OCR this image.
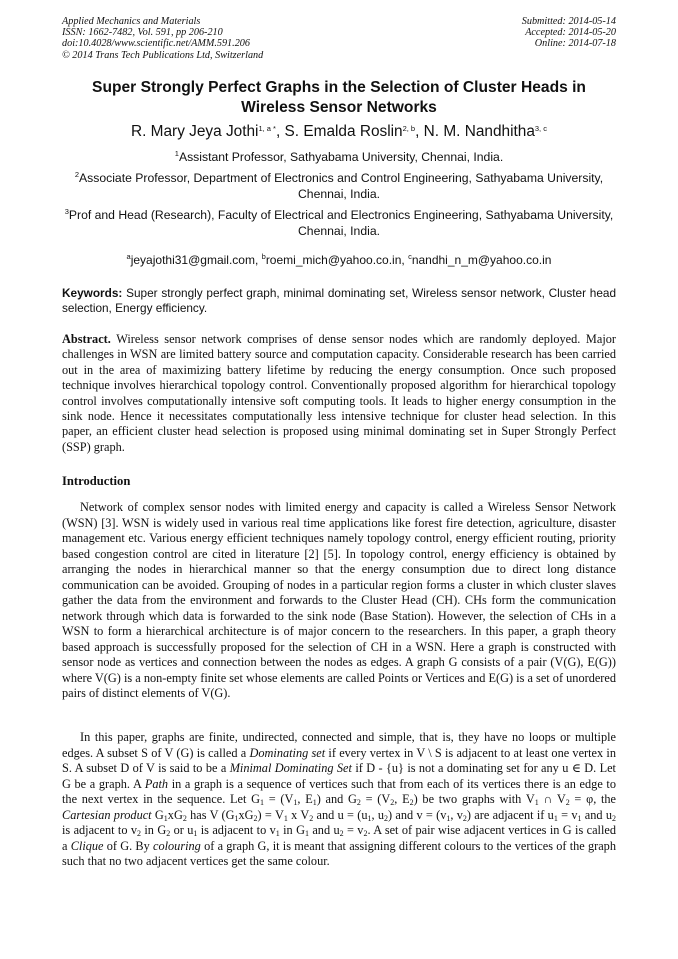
Applied Mechanics and Materials
ISSN: 1662-7482, Vol. 591, pp 206-210
doi:10.4028/www.scientific.net/AMM.591.206
© 2014 Trans Tech Publications Ltd, Switzerland
Submitted: 2014-05-14
Accepted: 2014-05-20
Online: 2014-07-18
Super Strongly Perfect Graphs in the Selection of Cluster Heads in Wireless Sensor Networks
R. Mary Jeya Jothi$^{1, a *}$, S. Emalda Roslin$^{2, b}$, N. M. Nandhitha$^{3, c}$
$^1$Assistant Professor, Sathyabama University, Chennai, India.
$^2$Associate Professor, Department of Electronics and Control Engineering, Sathyabama University, Chennai, India.
$^3$Prof and Head (Research), Faculty of Electrical and Electronics Engineering, Sathyabama University, Chennai, India.
$^a$jeyajothi31@gmail.com, $^b$roemi_mich@yahoo.co.in, $^c$nandhi_n_m@yahoo.co.in
Keywords: Super strongly perfect graph, minimal dominating set, Wireless sensor network, Cluster head selection, Energy efficiency.
Abstract. Wireless sensor network comprises of dense sensor nodes which are randomly deployed. Major challenges in WSN are limited battery source and computation capacity. Considerable research has been carried out in the area of maximizing battery lifetime by reducing the energy consumption. Once such proposed technique involves hierarchical topology control. Conventionally proposed algorithm for hierarchical topology control involves computationally intensive soft computing tools. It leads to higher energy consumption in the sink node. Hence it necessitates computationally less intensive technique for cluster head selection. In this paper, an efficient cluster head selection is proposed using minimal dominating set in Super Strongly Perfect (SSP) graph.
Introduction
Network of complex sensor nodes with limited energy and capacity is called a Wireless Sensor Network (WSN) [3]. WSN is widely used in various real time applications like forest fire detection, agriculture, disaster management etc. Various energy efficient techniques namely topology control, energy efficient routing, priority based congestion control are cited in literature [2] [5]. In topology control, energy efficiency is obtained by arranging the nodes in hierarchical manner so that the energy consumption due to direct long distance communication can be avoided. Grouping of nodes in a particular region forms a cluster in which cluster slaves gather the data from the environment and forwards to the Cluster Head (CH). CHs form the communication network through which data is forwarded to the sink node (Base Station). However, the selection of CHs in a WSN to form a hierarchical architecture is of major concern to the researchers. In this paper, a graph theory based approach is successfully proposed for the selection of CH in a WSN. Here a graph is constructed with sensor node as vertices and connection between the nodes as edges. A graph G consists of a pair (V(G), E(G)) where V(G) is a non-empty finite set whose elements are called Points or Vertices and E(G) is a set of unordered pairs of distinct elements of V(G).
In this paper, graphs are finite, undirected, connected and simple, that is, they have no loops or multiple edges. A subset S of V (G) is called a Dominating set if every vertex in V \ S is adjacent to at least one vertex in S. A subset D of V is said to be a Minimal Dominating Set if D - {u} is not a dominating set for any u ∈ D. Let G be a graph. A Path in a graph is a sequence of vertices such that from each of its vertices there is an edge to the next vertex in the sequence. Let $G_1 = (V_1$, $E_1$) and $G_2 = (V_2$, $E_2$) be two graphs with $V_1$ ∩ $V_2 = \varphi$, the Cartesian product $G_1xG_2$ has V $(G_1xG_2) = V_1$ x $V_2$ and $u = (u_1$, $u_2$) and $v = (v_1$, $v_2$) are adjacent if $u_1 = v_1$ and $u_2$ is adjacent to $v_2$ in $G_2$ or $u_1$ is adjacent to $v_1$ in $G_1$ and $u_2 = v_2$. A set of pair wise adjacent vertices in G is called a Clique of G. By colouring of a graph G, it is meant that assigning different colours to the vertices of the graph such that no two adjacent vertices get the same colour.
